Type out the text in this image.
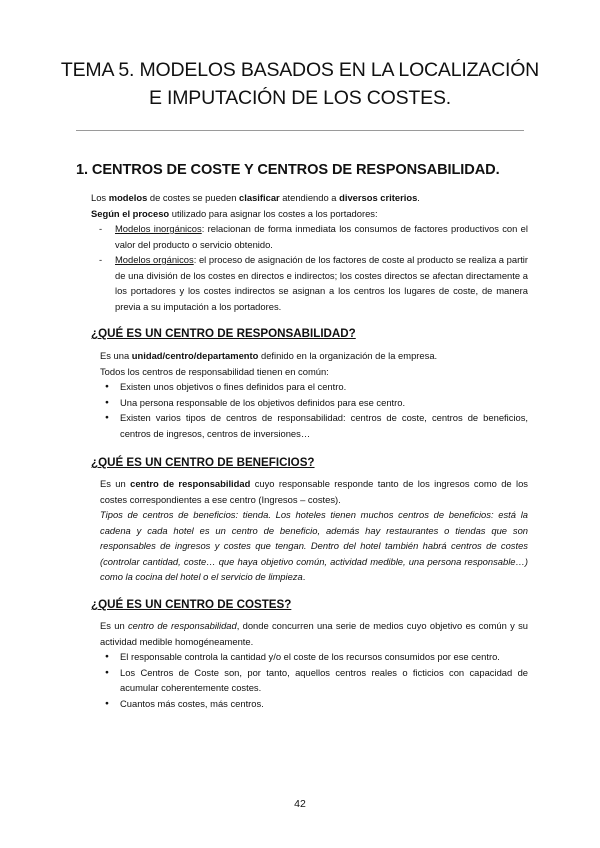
TEMA 5. MODELOS BASADOS EN LA LOCALIZACIÓN
E IMPUTACIÓN DE LOS COSTES.
1. CENTROS DE COSTE Y CENTROS DE RESPONSABILIDAD.

Los modelos de costes se pueden clasificar atendiendo a diversos criterios.

Según el proceso utilizado para asignar los costes a los portadores:

- Modelos inorgánicos: relacionan de forma inmediata los consumos de factores productivos con el valor del producto o servicio obtenido.
- Modelos orgánicos: el proceso de asignación de los factores de coste al producto se realiza a partir de una división de los costes en directos e indirectos; los costes directos se afectan directamente a los portadores y los costes indirectos se asignan a los centros los lugares de coste, de manera previa a su imputación a los portadores.
¿QUÉ ES UN CENTRO DE RESPONSABILIDAD?

Es una unidad/centro/departamento definido en la organización de la empresa.

Todos los centros de responsabilidad tienen en común:

● Existen unos objetivos o fines definidos para el centro.
● Una persona responsable de los objetivos definidos para ese centro.
● Existen varios tipos de centros de responsabilidad: centros de coste, centros de beneficios, centros de ingresos, centros de inversiones…
¿QUÉ ES UN CENTRO DE BENEFICIOS?

Es un centro de responsabilidad cuyo responsable responde tanto de los ingresos como de los costes correspondientes a ese centro (Ingresos – costes).

Tipos de centros de beneficios: tienda. Los hoteles tienen muchos centros de beneficios: está la cadena y cada hotel es un centro de beneficio, además hay restaurantes o tiendas que son responsables de ingresos y costes que tengan. Dentro del hotel también habrá centros de costes (controlar cantidad, coste… que haya objetivo común, actividad medible, una persona responsable…) como la cocina del hotel o el servicio de limpieza.

¿QUÉ ES UN CENTRO DE COSTES?

Es un centro de responsabilidad, donde concurren una serie de medios cuyo objetivo es común y su actividad medible homogéneamente.

● El responsable controla la cantidad y/o el coste de los recursos consumidos por ese centro.
● Los Centros de Coste son, por tanto, aquellos centros reales o ficticios con capacidad de acumular coherentemente costes.
● Cuantos más costes, más centros.
42
